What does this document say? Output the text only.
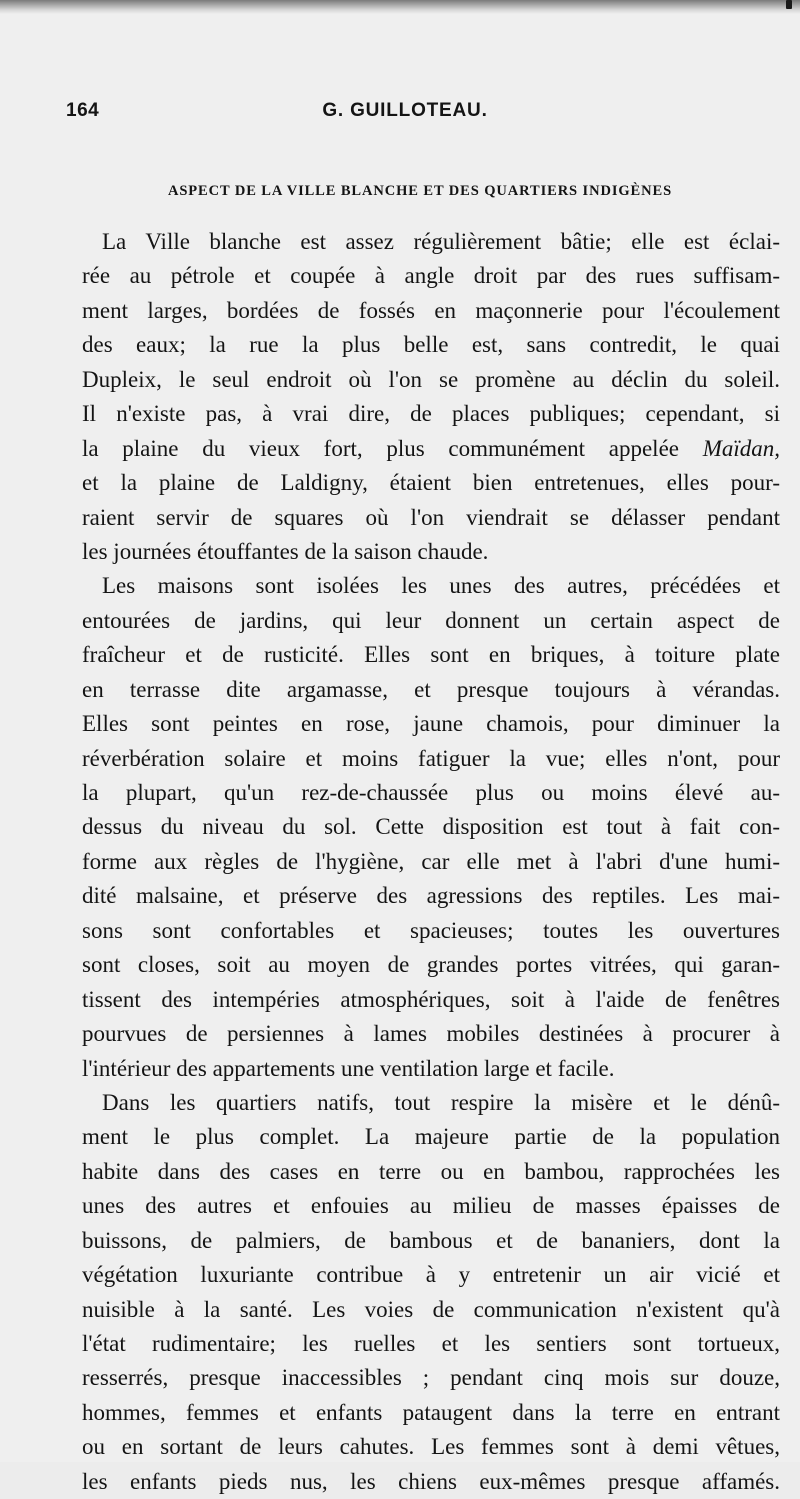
164	G. GUILLOTEAU.
ASPECT DE LA VILLE BLANCHE ET DES QUARTIERS INDIGÈNES
La Ville blanche est assez régulièrement bâtie; elle est éclai-
rée au pétrole et coupée à angle droit par des rues suffisam-
ment larges, bordées de fossés en maçonnerie pour l'écoulement
des eaux; la rue la plus belle est, sans contredit, le quai
Dupleix, le seul endroit où l'on se promène au déclin du soleil.
Il n'existe pas, à vrai dire, de places publiques; cependant, si
la plaine du vieux fort, plus communément appelée Maïdan,
et la plaine de Laldigny, étaient bien entretenues, elles pour-
raient servir de squares où l'on viendrait se délasser pendant
les journées étouffantes de la saison chaude.
Les maisons sont isolées les unes des autres, précédées et
entourées de jardins, qui leur donnent un certain aspect de
fraîcheur et de rusticité. Elles sont en briques, à toiture plate
en terrasse dite argamasse, et presque toujours à vérandas.
Elles sont peintes en rose, jaune chamois, pour diminuer la
réverbération solaire et moins fatiguer la vue; elles n'ont, pour
la plupart, qu'un rez-de-chaussée plus ou moins élevé au-
dessus du niveau du sol. Cette disposition est tout à fait con-
forme aux règles de l'hygiène, car elle met à l'abri d'une humi-
dité malsaine, et préserve des agressions des reptiles. Les mai-
sons sont confortables et spacieuses; toutes les ouvertures
sont closes, soit au moyen de grandes portes vitrées, qui garan-
tissent des intempéries atmosphériques, soit à l'aide de fenêtres
pourvues de persiennes à lames mobiles destinées à procurer à
l'intérieur des appartements une ventilation large et facile.
Dans les quartiers natifs, tout respire la misère et le dénû-
ment le plus complet. La majeure partie de la population
habite dans des cases en terre ou en bambou, rapprochées les
unes des autres et enfouies au milieu de masses épaisses de
buissons, de palmiers, de bambous et de bananiers, dont la
végétation luxuriante contribue à y entretenir un air vicié et
nuisible à la santé. Les voies de communication n'existent qu'à
l'état rudimentaire; les ruelles et les sentiers sont tortueux,
resserrés, presque inaccessibles ; pendant cinq mois sur douze,
hommes, femmes et enfants pataugent dans la terre en entrant
ou en sortant de leurs cahutes. Les femmes sont à demi vêtues,
les enfants pieds nus, les chiens eux-mêmes presque affamés.
